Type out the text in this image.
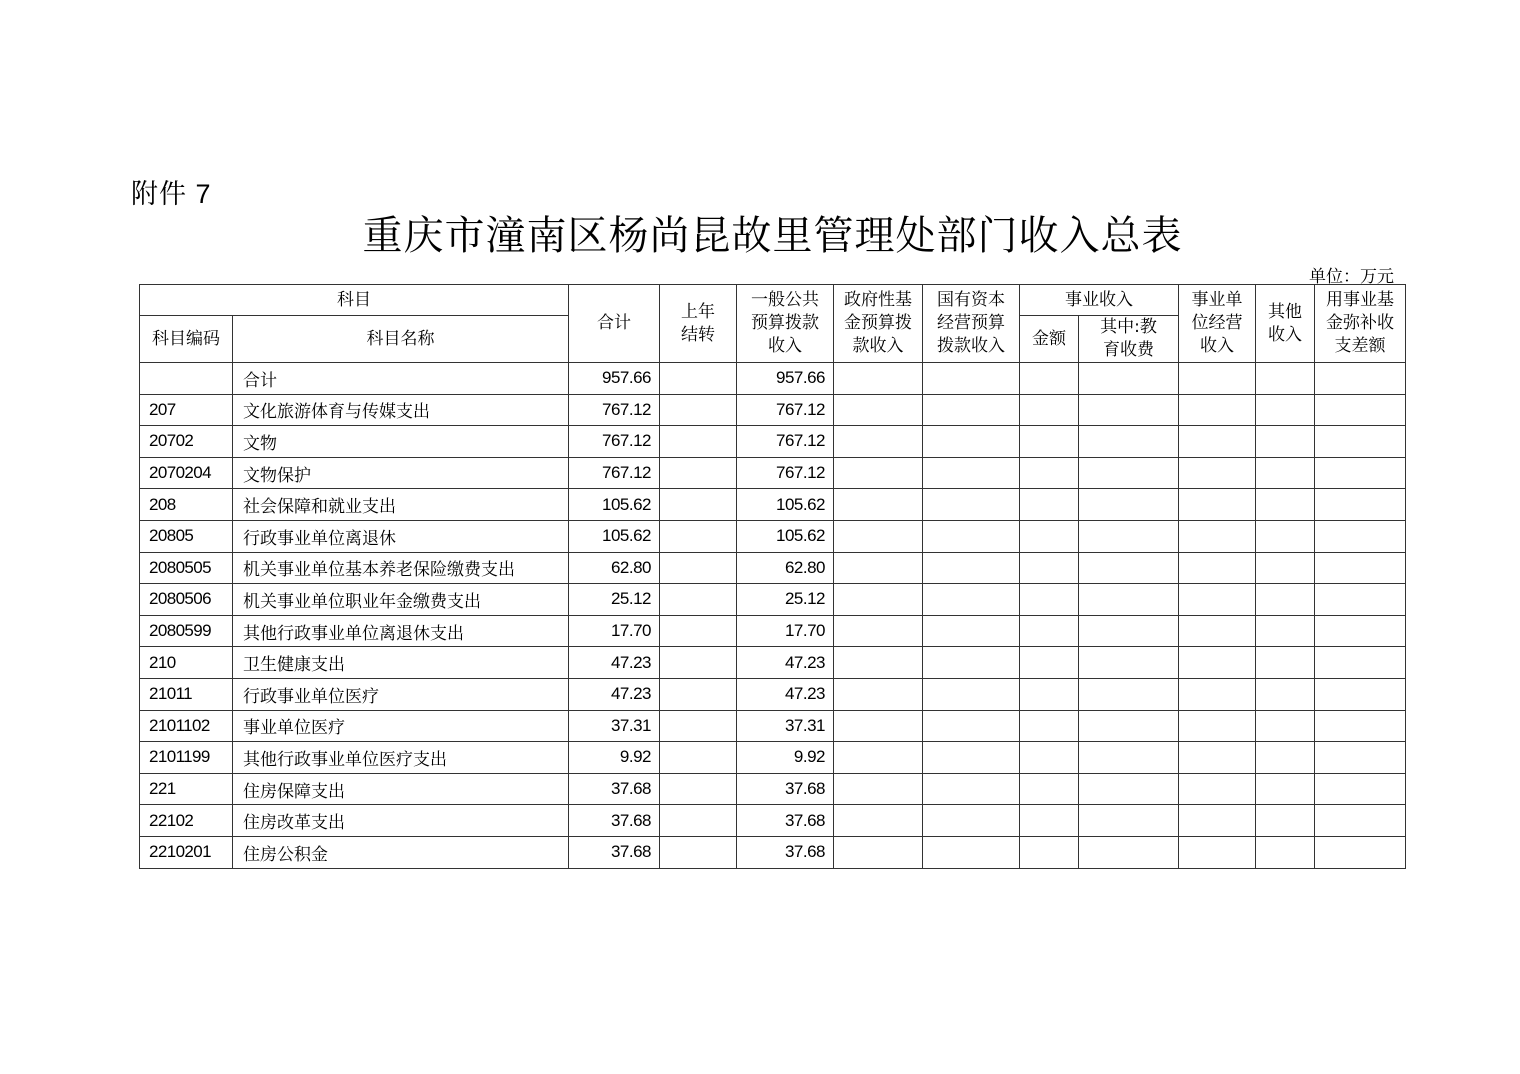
附件 7
重庆市潼南区杨尚昆故里管理处部门收入总表
单位：万元
科目		合计	上年结转	一般公共预算拨款收入	政府性基金预算拨款收入	国有资本经营预算拨款收入	事业收入		事业单位经营收入	其他收入	用事业基金弥补收支差额
科目编码	科目名称						金额	其中:教育收费			
	合计	957.66		957.66							
207	文化旅游体育与传媒支出	767.12		767.12							
20702	文物	767.12		767.12							
2070204	文物保护	767.12		767.12							
208	社会保障和就业支出	105.62		105.62							
20805	行政事业单位离退休	105.62		105.62							
2080505	机关事业单位基本养老保险缴费支出	62.80		62.80							
2080506	机关事业单位职业年金缴费支出	25.12		25.12							
2080599	其他行政事业单位离退休支出	17.70		17.70							
210	卫生健康支出	47.23		47.23							
21011	行政事业单位医疗	47.23		47.23							
2101102	事业单位医疗	37.31		37.31							
2101199	其他行政事业单位医疗支出	9.92		9.92							
221	住房保障支出	37.68		37.68							
22102	住房改革支出	37.68		37.68							
2210201	住房公积金	37.68		37.68							
